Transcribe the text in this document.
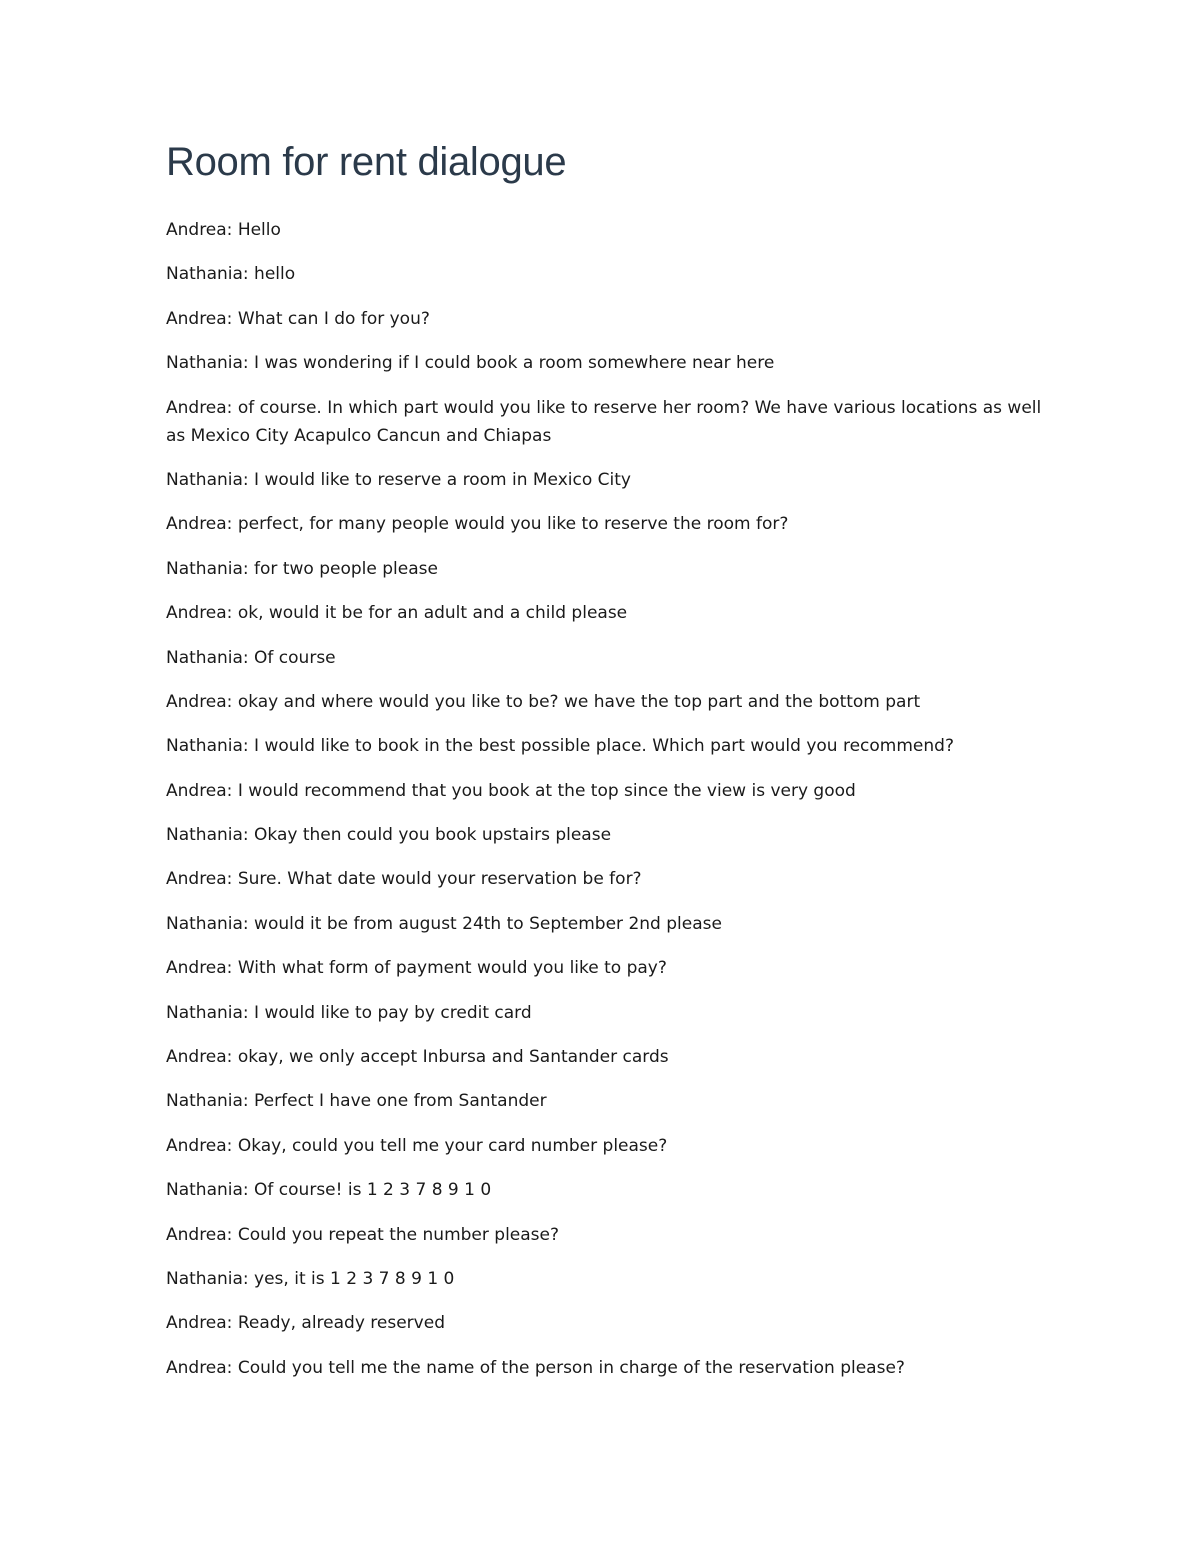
Room for rent dialogue

Andrea: Hello

Nathania: hello

Andrea: What can I do for you?

Nathania: I was wondering if I could book a room somewhere near here

Andrea: of course. In which part would you like to reserve her room? We have various locations as well as Mexico City Acapulco Cancun and Chiapas

Nathania: I would like to reserve a room in Mexico City

Andrea: perfect, for many people would you like to reserve the room for?

Nathania: for two people please

Andrea: ok, would it be for an adult and a child please

Nathania: Of course

Andrea: okay and where would you like to be? we have the top part and the bottom part

Nathania: I would like to book in the best possible place. Which part would you recommend?

Andrea: I would recommend that you book at the top since the view is very good

Nathania: Okay then could you book upstairs please

Andrea: Sure. What date would your reservation be for?

Nathania: would it be from august 24th to September 2nd please

Andrea: With what form of payment would you like to pay?

Nathania: I would like to pay by credit card

Andrea: okay, we only accept Inbursa and Santander cards

Nathania: Perfect I have one from Santander

Andrea: Okay, could you tell me your card number please?

Nathania: Of course! is 1 2 3 7 8 9 1 0

Andrea: Could you repeat the number please?

Nathania: yes, it is 1 2 3 7 8 9 1 0

Andrea: Ready, already reserved

Andrea: Could you tell me the name of the person in charge of the reservation please?
